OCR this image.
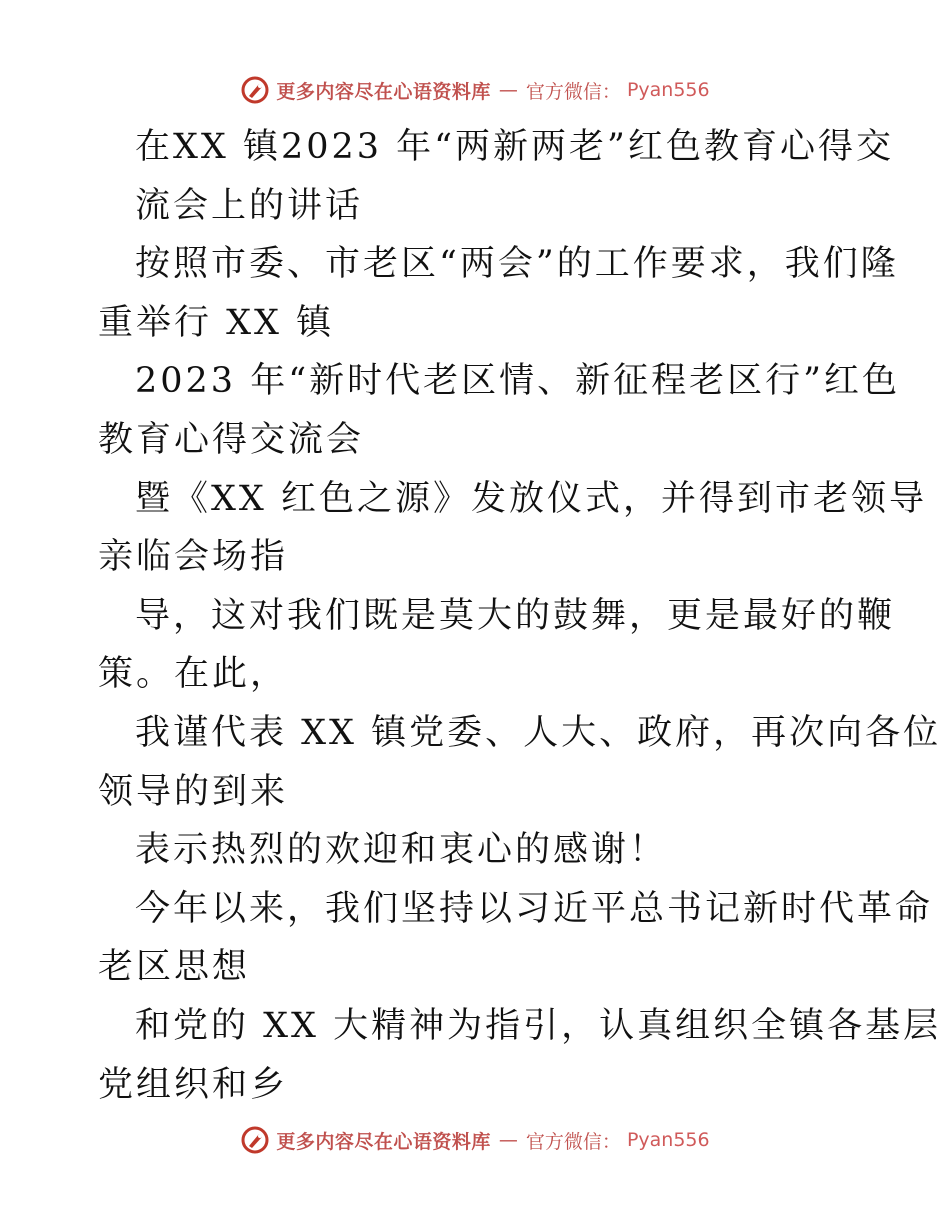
更多内容尽在心语资料库 — 官方微信： Pyan556
在XX 镇2023 年“两新两老”红色教育心得交
流会上的讲话
按照市委、市老区“两会”的工作要求，我们隆
重举行 XX 镇
2023 年“新时代老区情、新征程老区行”红色
教育心得交流会
暨《XX 红色之源》发放仪式，并得到市老领导
亲临会场指
导，这对我们既是莫大的鼓舞，更是最好的鞭
策。在此，
我谨代表 XX 镇党委、人大、政府，再次向各位
领导的到来
表示热烈的欢迎和衷心的感谢！
今年以来，我们坚持以习近平总书记新时代革命
老区思想
和党的 XX 大精神为指引，认真组织全镇各基层
党组织和乡
更多内容尽在心语资料库 — 官方微信： Pyan556
